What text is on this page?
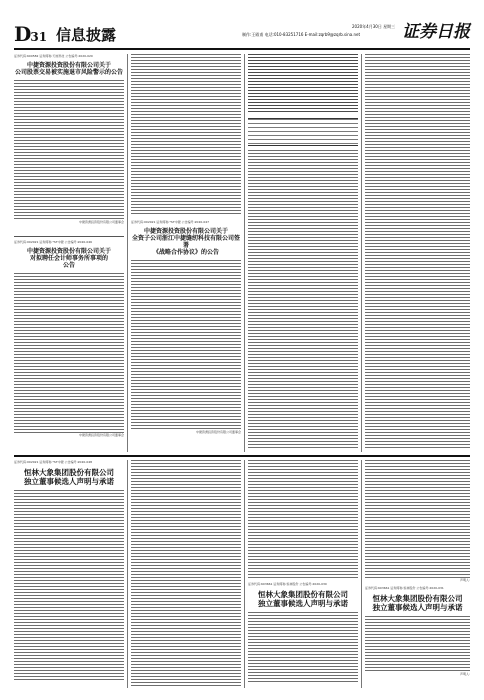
D31 信息披露	2020年4月30日 星期三
制作:王殿甫 电话:010-83251716 E-mail:zqrb9@zqrb.sina.net 证券日报
证券代码:600582 证券简称:天地科技 公告编号:2020-020
中捷资源投资股份有限公司关于
公司股票交易被实施退市风险警示的公告
中捷资源投资股份有限公司董事会
证券代码:002021 证券简称:*ST中捷 公告编号:2020-046
中捷资源投资股份有限公司关于
对拟聘任会计师事务所事项的
公告
中捷资源投资股份有限公司董事会
证券代码:002021 证券简称:*ST中捷 公告编号:2020-047
中捷资源投资股份有限公司关于
全资子公司浙江中捷缝纫科技有限公司签署
《战略合作协议》的公告
中捷资源投资股份有限公司董事会
证券代码:002021 证券简称:*ST中捷 公告编号:2020-048
恒林大象集团股份有限公司
独立董事候选人声明与承诺
证券代码:603661 证券简称:恒林股份 公告编号:2020-030
恒林大象集团股份有限公司
独立董事候选人声明与承诺
声明人:
证券代码:603661 证券简称:恒林股份 公告编号:2020-031
恒林大象集团股份有限公司
独立董事候选人声明与承诺
声明人:
